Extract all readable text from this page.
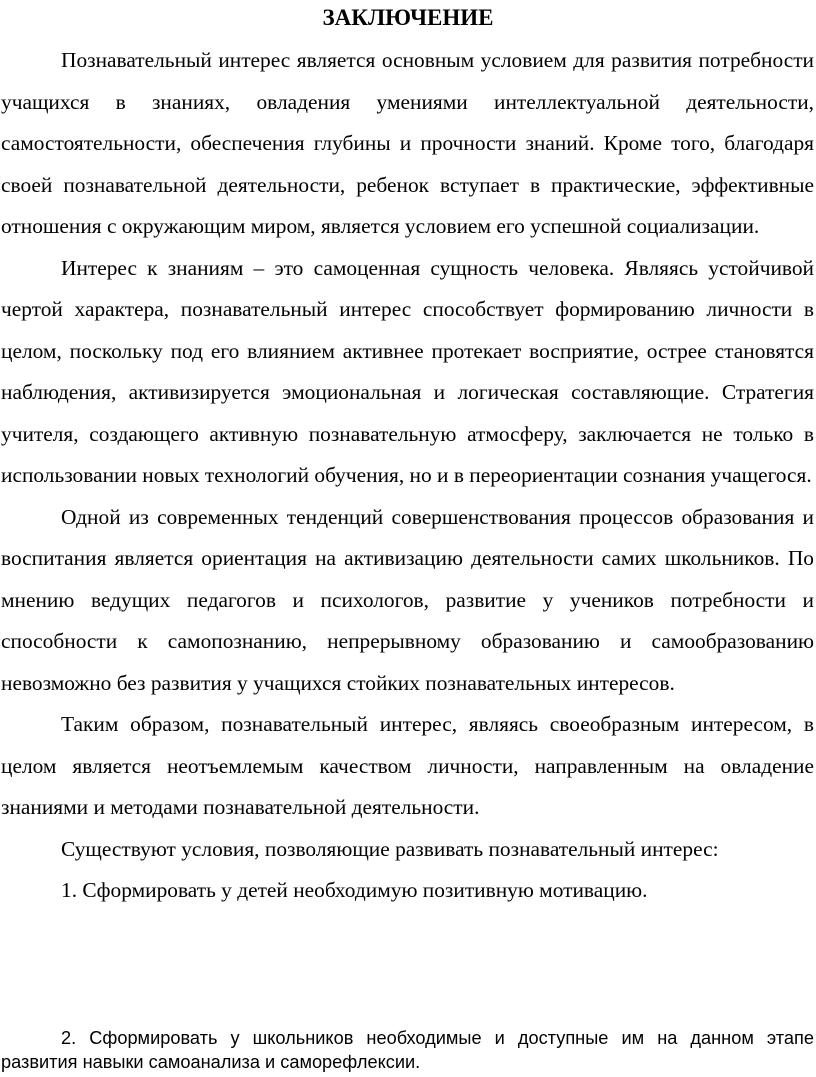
ЗАКЛЮЧЕНИЕ

Познавательный интерес является основным условием для развития потребности учащихся в знаниях, овладения умениями интеллектуальной деятельности, самостоятельности, обеспечения глубины и прочности знаний. Кроме того, благодаря своей познавательной деятельности, ребенок вступает в практические, эффективные отношения с окружающим миром, является условием его успешной социализации.

Интерес к знаниям – это самоценная сущность человека. Являясь устойчивой чертой характера, познавательный интерес способствует формированию личности в целом, поскольку под его влиянием активнее протекает восприятие, острее становятся наблюдения, активизируется эмоциональная и логическая составляющие. Стратегия учителя, создающего активную познавательную атмосферу, заключается не только в использовании новых технологий обучения, но и в переориентации сознания учащегося.

Одной из современных тенденций совершенствования процессов образования и воспитания является ориентация на активизацию деятельности самих школьников. По мнению ведущих педагогов и психологов, развитие у учеников потребности и способности к самопознанию, непрерывному образованию и самообразованию невозможно без развития у учащихся стойких познавательных интересов.

Таким образом, познавательный интерес, являясь своеобразным интересом, в целом является неотъемлемым качеством личности, направленным на овладение знаниями и методами познавательной деятельности.

Существуют условия, позволяющие развивать познавательный интерес:

1. Сформировать у детей необходимую позитивную мотивацию.

2. Сформировать у школьников необходимые и доступные им на данном этапе развития навыки самоанализа и саморефлексии.
